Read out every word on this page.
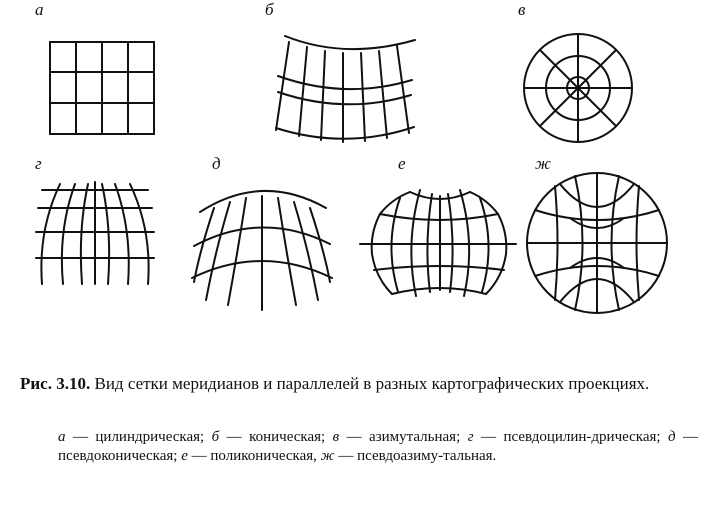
а	б	в
г	д	е	ж
Рис. 3.10. Вид сетки меридианов и параллелей в разных картографических проекциях.
а — цилиндрическая; б — коническая; в — азимутальная; г — псевдоцилин-дрическая; д — псевдоконическая; е — поликоническая, ж — псевдоазиму-тальная.
